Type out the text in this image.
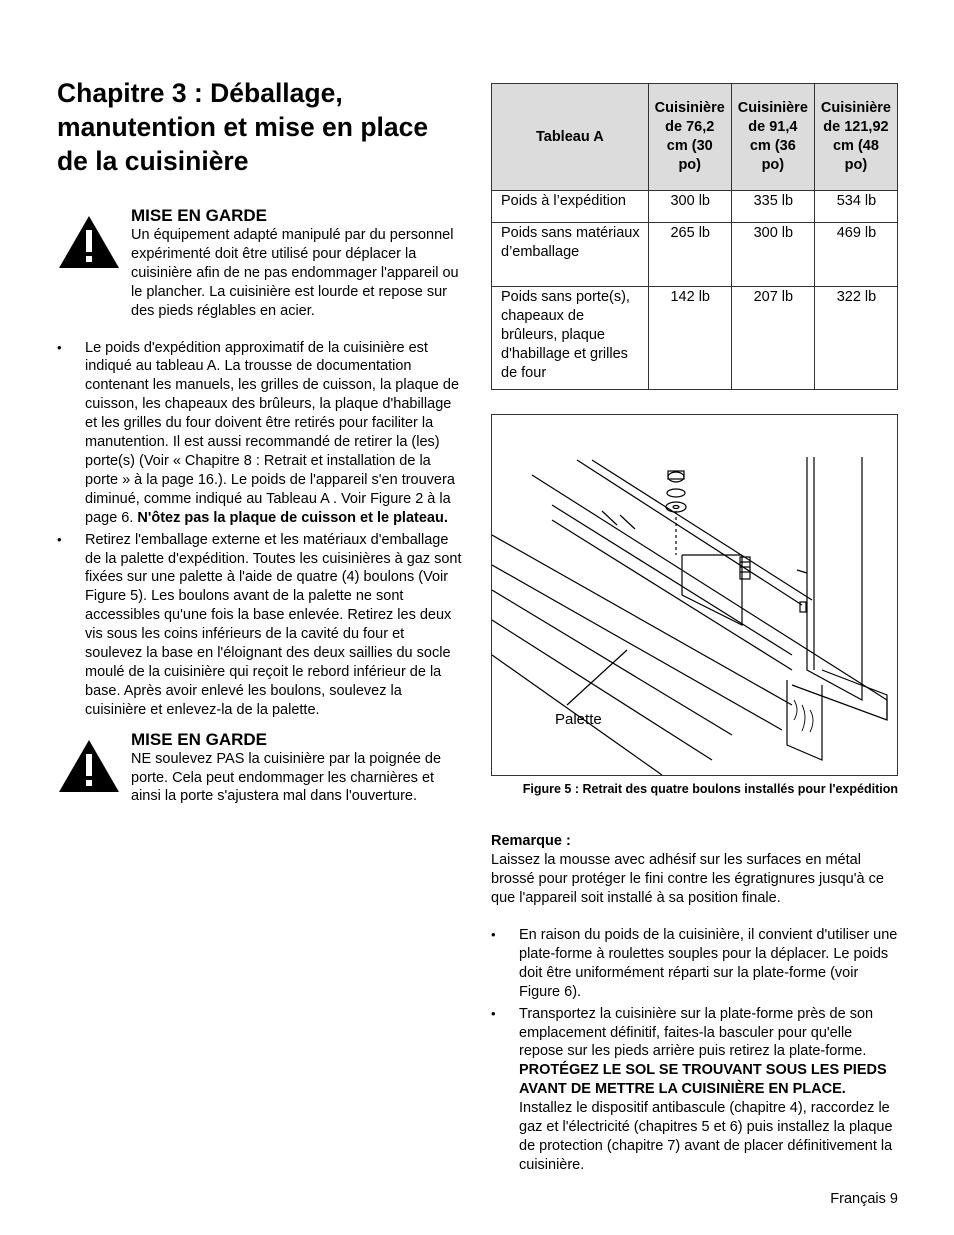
Chapitre 3 : Déballage, manutention et mise en place de la cuisinière
MISE EN GARDE

Un équipement adapté manipulé par du personnel expérimenté doit être utilisé pour déplacer la cuisinière afin de ne pas endommager l'appareil ou le plancher. La cuisinière est lourde et repose sur des pieds réglables en acier.

• Le poids d'expédition approximatif de la cuisinière est indiqué au tableau A. La trousse de documentation contenant les manuels, les grilles de cuisson, la plaque de cuisson, les chapeaux des brûleurs, la plaque d'habillage et les grilles du four doivent être retirés pour faciliter la manutention. Il est aussi recommandé de retirer la (les) porte(s) (Voir « Chapitre 8 : Retrait et installation de la porte » à la page 16.). Le poids de l'appareil s'en trouvera diminué, comme indiqué au Tableau A . Voir Figure 2 à la page 6. N'ôtez pas la plaque de cuisson et le plateau.
• Retirez l'emballage externe et les matériaux d'emballage de la palette d'expédition. Toutes les cuisinières à gaz sont fixées sur une palette à l'aide de quatre (4) boulons (Voir Figure 5). Les boulons avant de la palette ne sont accessibles qu'une fois la base enlevée. Retirez les deux vis sous les coins inférieurs de la cavité du four et soulevez la base en l'éloignant des deux saillies du socle moulé de la cuisinière qui reçoit le rebord inférieur de la base. Après avoir enlevé les boulons, soulevez la cuisinière et enlevez-la de la palette.
MISE EN GARDE

NE soulevez PAS la cuisinière par la poignée de porte. Cela peut endommager les charnières et ainsi la porte s'ajustera mal dans l'ouverture.

Tableau A	Cuisinière de 76,2 cm (30 po)	Cuisinière de 91,4 cm (36 po)	Cuisinière de 121,92 cm (48 po)
Poids à l’expédition	300 lb	335 lb	534 lb
Poids sans matériaux d’emballage	265 lb	300 lb	469 lb
Poids sans porte(s), chapeaux de brûleurs, plaque d'habillage et grilles de four	142 lb	207 lb	322 lb
Palette
Figure 5 : Retrait des quatre boulons installés pour l'expédition

Remarque :

Laissez la mousse avec adhésif sur les surfaces en métal brossé pour protéger le fini contre les égratignures jusqu'à ce que l'appareil soit installé à sa position finale.

• En raison du poids de la cuisinière, il convient d'utiliser une plate-forme à roulettes souples pour la déplacer. Le poids doit être uniformément réparti sur la plate-forme (voir Figure 6).
• Transportez la cuisinière sur la plate-forme près de son emplacement définitif, faites-la basculer pour qu'elle repose sur les pieds arrière puis retirez la plate-forme. PROTÉGEZ LE SOL SE TROUVANT SOUS LES PIEDS AVANT DE METTRE LA CUISINIÈRE EN PLACE. Installez le dispositif antibascule (chapitre 4), raccordez le gaz et l'électricité (chapitres 5 et 6) puis installez la plaque de protection (chapitre 7) avant de placer définitivement la cuisinière.
Français 9
